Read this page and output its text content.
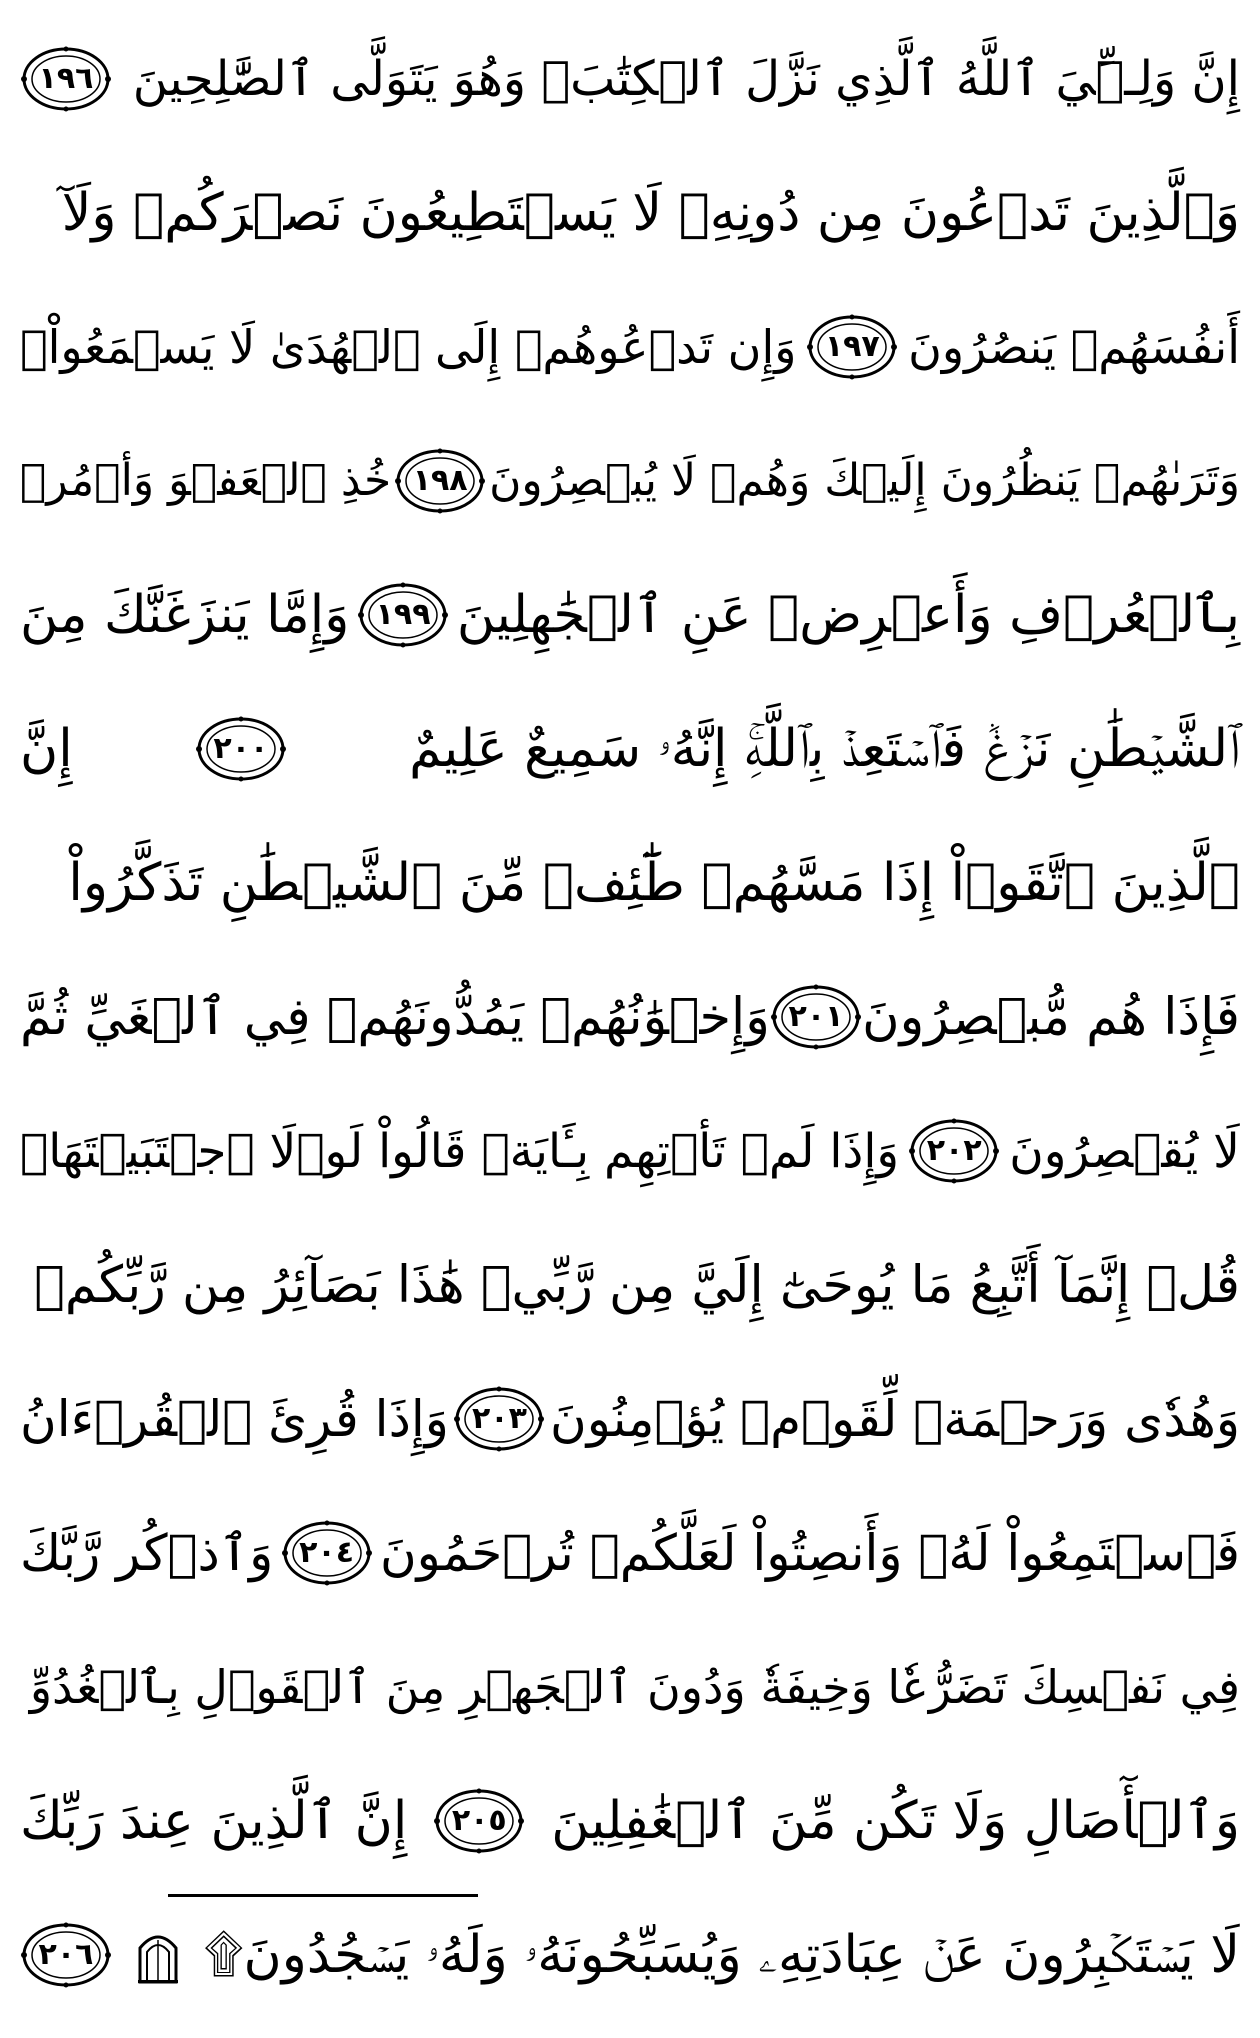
إِنَّ وَلِـِّۧيَ ٱللَّهُ ٱلَّذِي نَزَّلَ ٱلۡكِتَٰبَۖ وَهُوَ يَتَوَلَّى ٱلصَّٰلِحِينَ
١٩٦
وَٱلَّذِينَ تَدۡعُونَ مِن دُونِهِۦ لَا يَسۡتَطِيعُونَ نَصۡرَكُمۡ وَلَآ
أَنفُسَهُمۡ يَنصُرُونَ
١٩٧
وَإِن تَدۡعُوهُمۡ إِلَى ٱلۡهُدَىٰ لَا يَسۡمَعُواْۖ
وَتَرَىٰهُمۡ يَنظُرُونَ إِلَيۡكَ وَهُمۡ لَا يُبۡصِرُونَ
١٩٨
خُذِ ٱلۡعَفۡوَ وَأۡمُرۡ
بِٱلۡعُرۡفِ وَأَعۡرِضۡ عَنِ ٱلۡجَٰهِلِينَ
١٩٩
وَإِمَّا يَنزَغَنَّكَ مِنَ
ٱلشَّيۡطَٰنِ نَزۡغٞ فَٱسۡتَعِذۡ بِٱللَّهِۚ إِنَّهُۥ سَمِيعٌ عَلِيمٌ
٢٠٠
إِنَّ
ٱلَّذِينَ ٱتَّقَوۡاْ إِذَا مَسَّهُمۡ طَٰٓئِفٞ مِّنَ ٱلشَّيۡطَٰنِ تَذَكَّرُواْ
فَإِذَا هُم مُّبۡصِرُونَ
٢٠١
وَإِخۡوَٰنُهُمۡ يَمُدُّونَهُمۡ فِي ٱلۡغَيِّ ثُمَّ
لَا يُقۡصِرُونَ
٢٠٢
وَإِذَا لَمۡ تَأۡتِهِم بِـَٔايَةٖ قَالُواْ لَوۡلَا ٱجۡتَبَيۡتَهَاۚ
قُلۡ إِنَّمَآ أَتَّبِعُ مَا يُوحَىٰٓ إِلَيَّ مِن رَّبِّيۚ هَٰذَا بَصَآئِرُ مِن رَّبِّكُمۡ
وَهُدٗى وَرَحۡمَةٞ لِّقَوۡمٖ يُؤۡمِنُونَ
٢٠٣
وَإِذَا قُرِئَ ٱلۡقُرۡءَانُ
فَٱسۡتَمِعُواْ لَهُۥ وَأَنصِتُواْ لَعَلَّكُمۡ تُرۡحَمُونَ
٢٠٤
وَٱذۡكُر رَّبَّكَ
فِي نَفۡسِكَ تَضَرُّعٗا وَخِيفَةٗ وَدُونَ ٱلۡجَهۡرِ مِنَ ٱلۡقَوۡلِ بِٱلۡغُدُوِّ
وَٱلۡأٓصَالِ وَلَا تَكُن مِّنَ ٱلۡغَٰفِلِينَ
٢٠٥
إِنَّ ٱلَّذِينَ عِندَ رَبِّكَ
لَا يَسۡتَكۡبِرُونَ عَنۡ عِبَادَتِهِۦ وَيُسَبِّحُونَهُۥ وَلَهُۥ يَسۡجُدُونَ۩
٢٠٦
